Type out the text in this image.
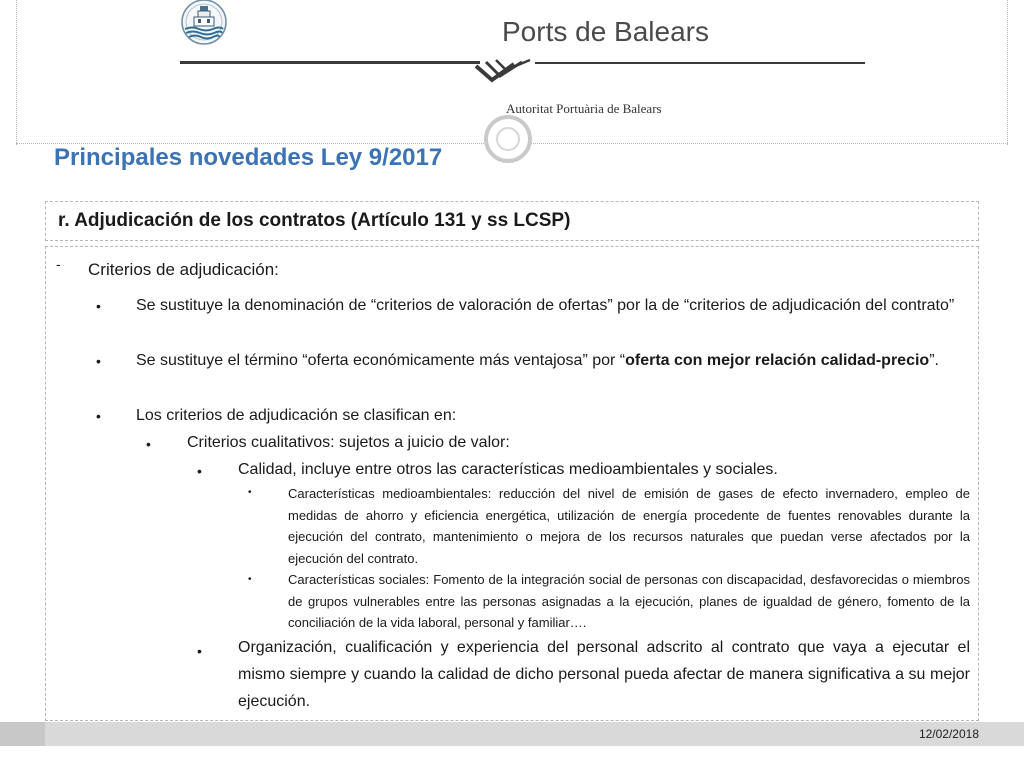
Ports de Balears
Autoritat Portuària de Balears
Principales novedades Ley 9/2017
r. Adjudicación de los contratos (Artículo 131 y ss LCSP)
- Criterios de adjudicación:
• Se sustituye la denominación de “criterios de valoración de ofertas” por la de “criterios de adjudicación del contrato”
• Se sustituye el término “oferta económicamente más ventajosa” por “oferta con mejor relación calidad-precio”.
• Los criterios de adjudicación se clasifican en:
• Criterios cualitativos: sujetos a juicio de valor:
• Calidad, incluye entre otros las características medioambientales y sociales.
•	Características medioambientales: reducción del nivel de emisión de gases de efecto invernadero, empleo de medidas de ahorro y eficiencia energética, utilización de energía procedente de fuentes renovables durante la ejecución del contrato, mantenimiento o mejora de los recursos naturales que puedan verse afectados por la ejecución del contrato.
•	Características sociales: Fomento de la integración social de personas con discapacidad, desfavorecidas o miembros de grupos vulnerables entre las personas asignadas a la ejecución, planes de igualdad de género, fomento de la conciliación de la vida laboral, personal y familiar….
• Organización, cualificación y experiencia del personal adscrito al contrato que vaya a ejecutar el mismo siempre y cuando la calidad de dicho personal pueda afectar de manera significativa a su mejor ejecución.
12/02/2018
